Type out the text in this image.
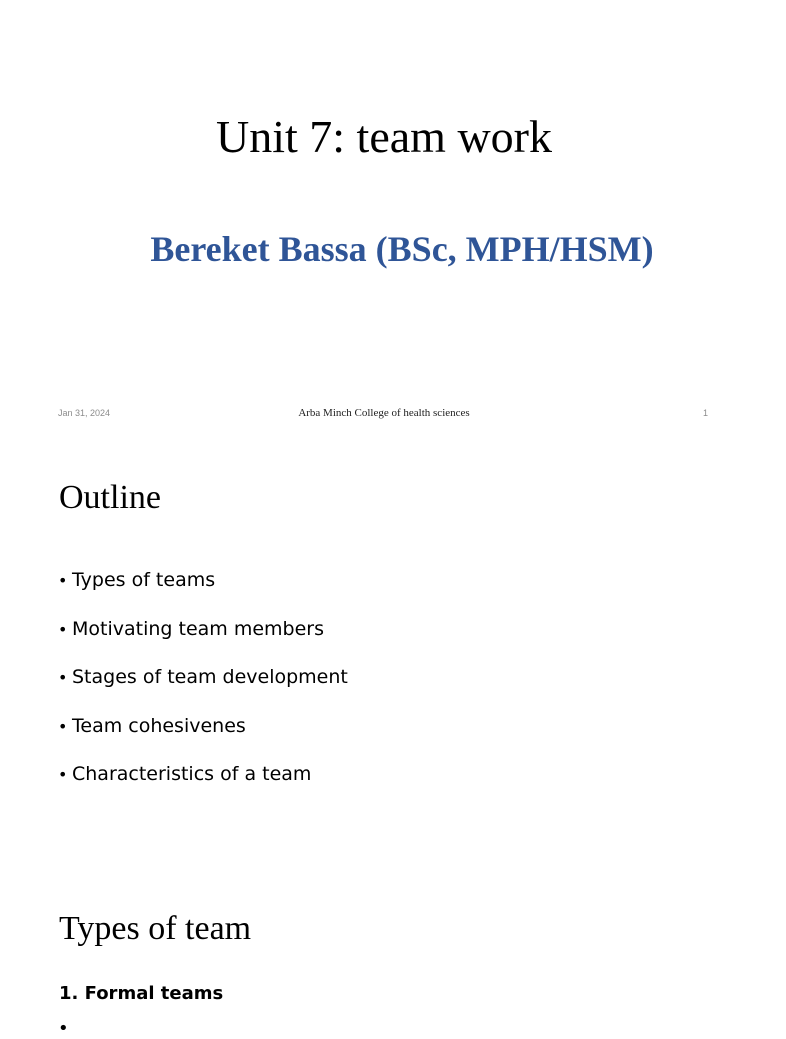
Unit 7: team work
Bereket Bassa (BSc, MPH/HSM)
Jan 31, 2024	Arba Minch College of health sciences	1
Outline
• Types of teams
• Motivating team members
• Stages of team development
• Team cohesivenes
• Characteristics of a team
Types of team
1. Formal teams
•
